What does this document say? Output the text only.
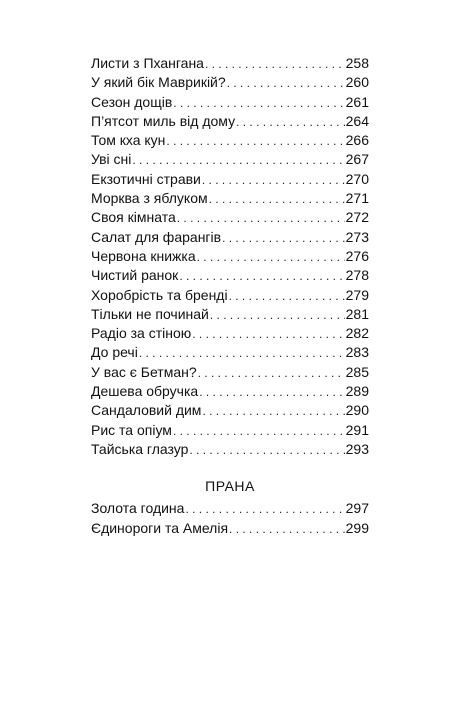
Листи з Пхангана . . .	258
У який бік Маврикій? . . .	260
Сезон дощів . . .	261
П’ятсот миль від дому . . .	264
Том кха кун . . .	266
Уві сні . . .	267
Екзотичні страви . . .	270
Морква з яблуком . . .	271
Своя кімната . . .	272
Салат для фарангів . . .	273
Червона книжка . . .	276
Чистий ранок . . .	278
Хоробрість та бренді . . .	279
Тільки не починай . . .	281
Радіо за стіною . . .	282
До речі . . .	283
У вас є Бетман? . . .	285
Дешева обручка . . .	289
Сандаловий дим . . .	290
Рис та опіум . . .	291
Тайська глазур . . .	293
ПРАНА
Золота година . . .	297
Єдинороги та Амелія . . .	299
